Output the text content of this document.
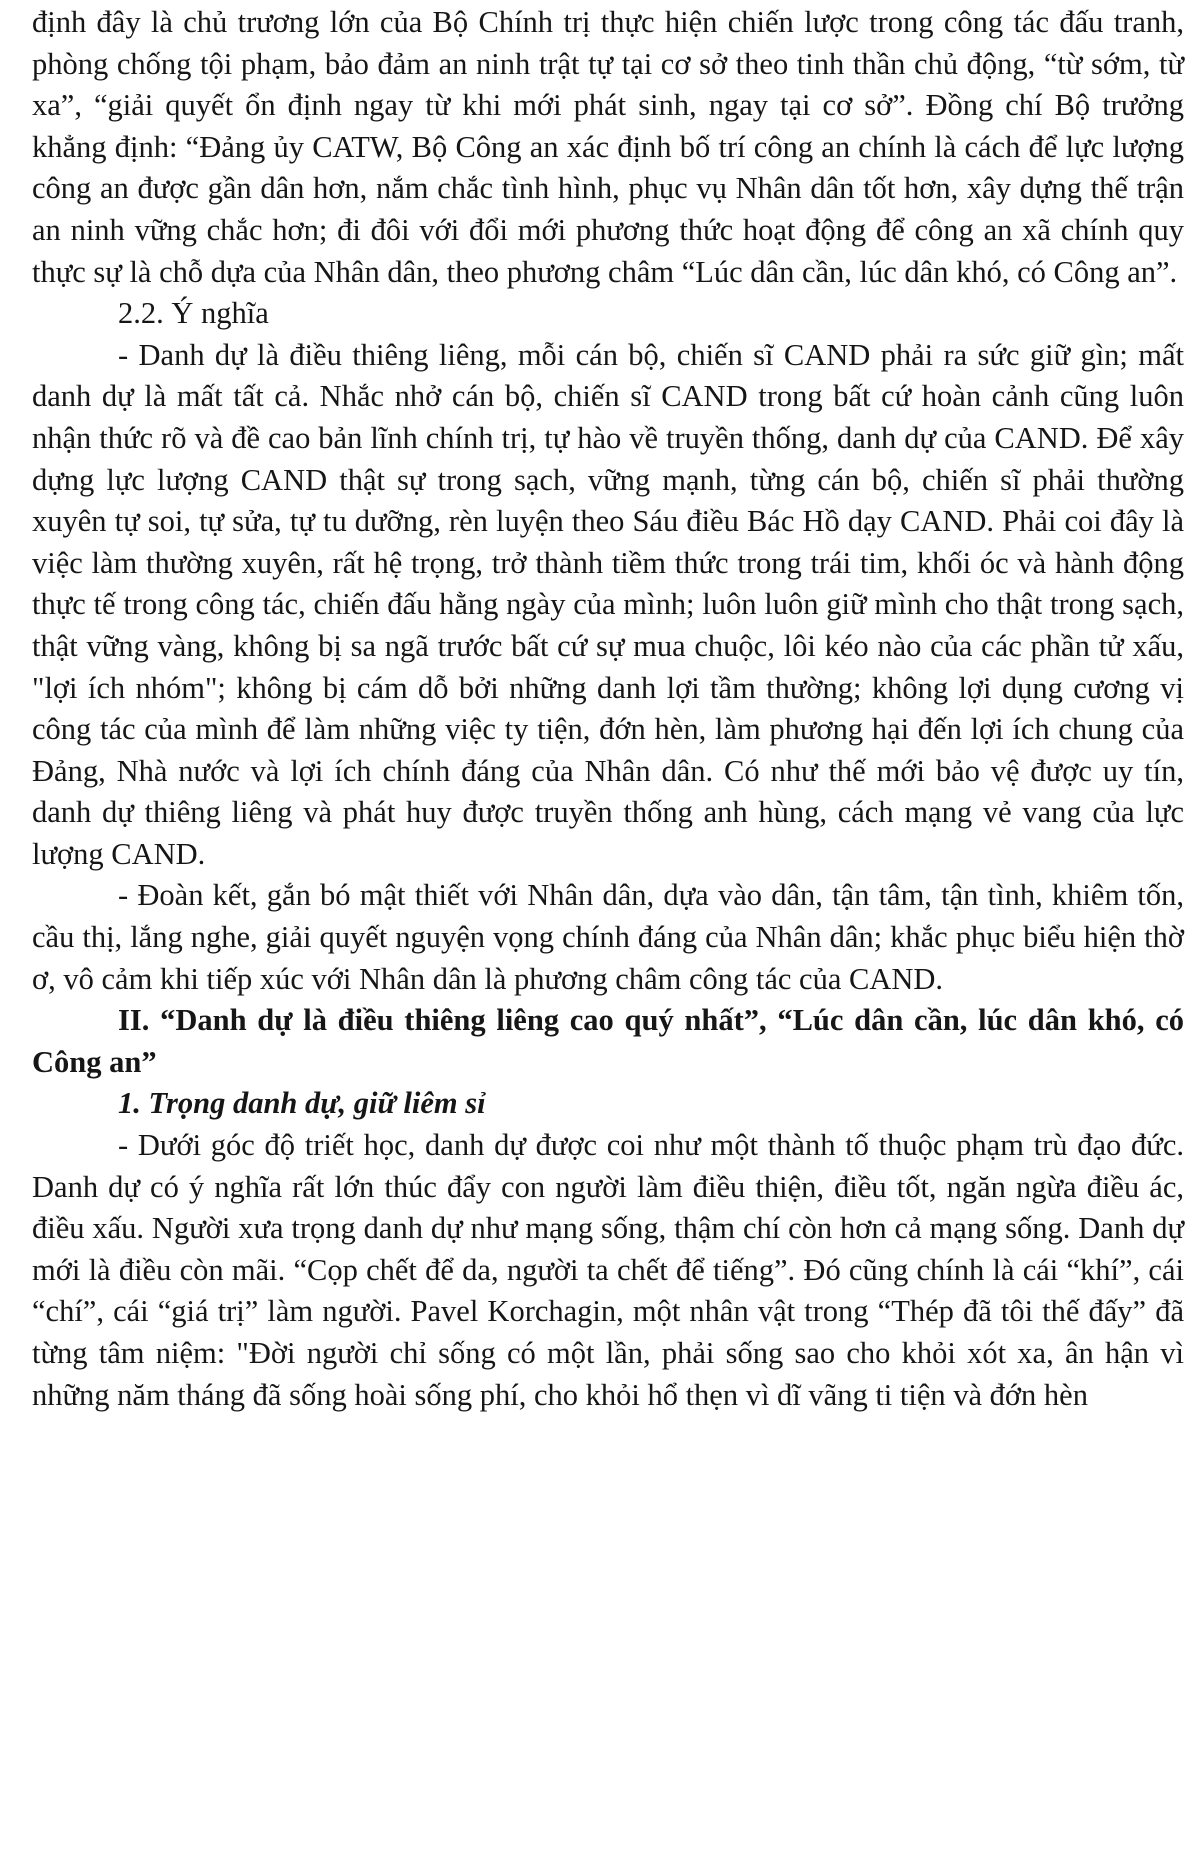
định đây là chủ trương lớn của Bộ Chính trị thực hiện chiến lược trong công tác đấu tranh, phòng chống tội phạm, bảo đảm an ninh trật tự tại cơ sở theo tinh thần chủ động, “từ sớm, từ xa”, “giải quyết ổn định ngay từ khi mới phát sinh, ngay tại cơ sở”. Đồng chí Bộ trưởng khẳng định: “Đảng ủy CATW, Bộ Công an xác định bố trí công an chính là cách để lực lượng công an được gần dân hơn, nắm chắc tình hình, phục vụ Nhân dân tốt hơn, xây dựng thế trận an ninh vững chắc hơn; đi đôi với đổi mới phương thức hoạt động để công an xã chính quy thực sự là chỗ dựa của Nhân dân, theo phương châm “Lúc dân cần, lúc dân khó, có Công an”.

2.2. Ý nghĩa

- Danh dự là điều thiêng liêng, mỗi cán bộ, chiến sĩ CAND phải ra sức giữ gìn; mất danh dự là mất tất cả. Nhắc nhở cán bộ, chiến sĩ CAND trong bất cứ hoàn cảnh cũng luôn nhận thức rõ và đề cao bản lĩnh chính trị, tự hào về truyền thống, danh dự của CAND. Để xây dựng lực lượng CAND thật sự trong sạch, vững mạnh, từng cán bộ, chiến sĩ phải thường xuyên tự soi, tự sửa, tự tu dưỡng, rèn luyện theo Sáu điều Bác Hồ dạy CAND. Phải coi đây là việc làm thường xuyên, rất hệ trọng, trở thành tiềm thức trong trái tim, khối óc và hành động thực tế trong công tác, chiến đấu hằng ngày của mình; luôn luôn giữ mình cho thật trong sạch, thật vững vàng, không bị sa ngã trước bất cứ sự mua chuộc, lôi kéo nào của các phần tử xấu, "lợi ích nhóm"; không bị cám dỗ bởi những danh lợi tầm thường; không lợi dụng cương vị công tác của mình để làm những việc ty tiện, đớn hèn, làm phương hại đến lợi ích chung của Đảng, Nhà nước và lợi ích chính đáng của Nhân dân. Có như thế mới bảo vệ được uy tín, danh dự thiêng liêng và phát huy được truyền thống anh hùng, cách mạng vẻ vang của lực lượng CAND.

- Đoàn kết, gắn bó mật thiết với Nhân dân, dựa vào dân, tận tâm, tận tình, khiêm tốn, cầu thị, lắng nghe, giải quyết nguyện vọng chính đáng của Nhân dân; khắc phục biểu hiện thờ ơ, vô cảm khi tiếp xúc với Nhân dân là phương châm công tác của CAND.

II. “Danh dự là điều thiêng liêng cao quý nhất”, “Lúc dân cần, lúc dân khó, có Công an”

1. Trọng danh dự, giữ liêm sỉ

- Dưới góc độ triết học, danh dự được coi như một thành tố thuộc phạm trù đạo đức. Danh dự có ý nghĩa rất lớn thúc đẩy con người làm điều thiện, điều tốt, ngăn ngừa điều ác, điều xấu. Người xưa trọng danh dự như mạng sống, thậm chí còn hơn cả mạng sống. Danh dự mới là điều còn mãi. “Cọp chết để da, người ta chết để tiếng”. Đó cũng chính là cái “khí”, cái “chí”, cái “giá trị” làm người. Pavel Korchagin, một nhân vật trong “Thép đã tôi thế đấy” đã từng tâm niệm: "Đời người chỉ sống có một lần, phải sống sao cho khỏi xót xa, ân hận vì những năm tháng đã sống hoài sống phí, cho khỏi hổ thẹn vì dĩ vãng ti tiện và đớn hèn
